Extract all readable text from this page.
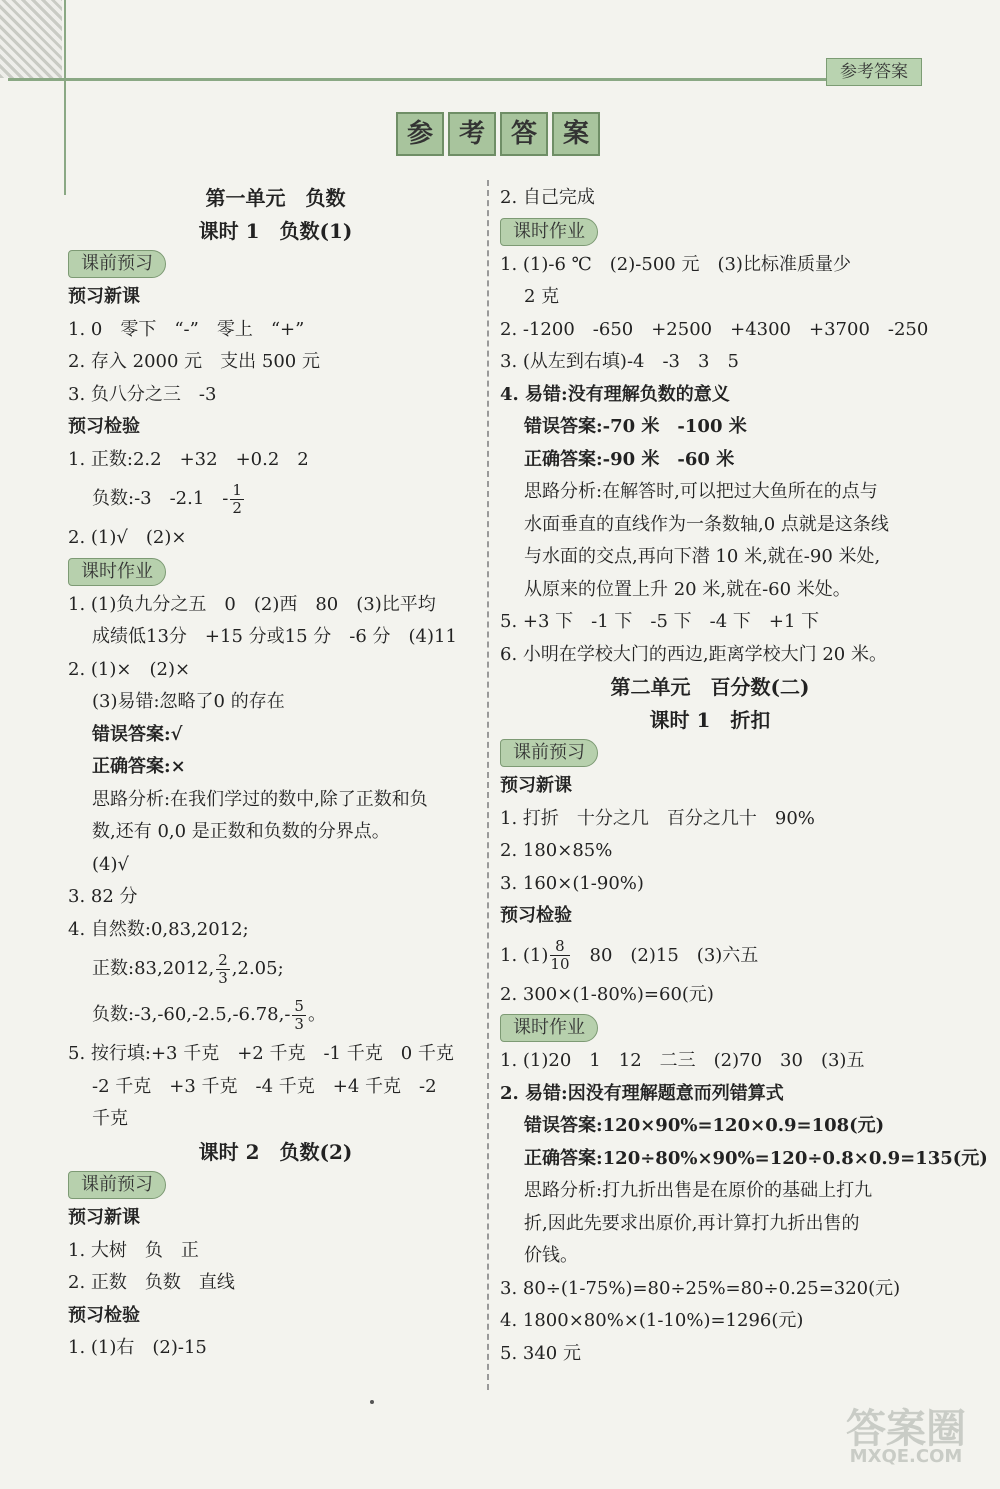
参考答案
参 考 答 案
第一单元　负数
课时 1　负数(1)
课前预习
预习新课
1. 0　零下　“-”　零上　“+”
2. 存入 2000 元　支出 500 元
3. 负八分之三　-3
预习检验
1. 正数:2.2　+32　+0.2　2
负数:-3　-2.1　- $\frac{1}{2}$
2. (1)√　(2)×
课时作业
1. (1)负九分之五　0　(2)西　80　(3)比平均
成绩低13分　+15 分或15 分　-6 分　(4)11
2. (1)×　(2)×
(3)易错:忽略了0 的存在
错误答案:√
正确答案:×
思路分析:在我们学过的数中,除了正数和负
数,还有 0,0 是正数和负数的分界点。
(4)√
3. 82 分
4. 自然数:0,83,2012;
正数:83,2012, $\frac{2}{3} ,2.05$;
负数:-3,-60,-2.5,-6.78,- $\frac{5}{3}$ 。
5. 按行填:+3 千克　+2 千克　-1 千克　0 千克
-2 千克　+3 千克　-4 千克　+4 千克　-2
千克
课时 2　负数(2)
课前预习
预习新课
1. 大树　负　正
2. 正数　负数　直线
预习检验
1. (1)右　(2)-15
2. 自己完成
课时作业
1. (1)-6 ℃　(2)-500 元　(3)比标准质量少
2 克
2. -1200　-650　+2500　+4300　+3700　-250
3. (从左到右填)-4　-3　3　5
4. 易错:没有理解负数的意义
错误答案:-70 米　-100 米
正确答案:-90 米　-60 米
思路分析:在解答时,可以把过大鱼所在的点与
水面垂直的直线作为一条数轴,0 点就是这条线
与水面的交点,再向下潜 10 米,就在-90 米处,
从原来的位置上升 20 米,就在-60 米处。
5. +3 下　-1 下　-5 下　-4 下　+1 下
6. 小明在学校大门的西边,距离学校大门 20 米。
第二单元　百分数(二)
课时 1　折扣
课前预习
预习新课
1. 打折　十分之几　百分之几十　90%
2. 180×85%
3. 160×(1-90%)
预习检验
1. $(1) \frac{8}{10}$ 　80　(2)15　(3)六五
2. 300×(1-80%)=60(元)
课时作业
1. (1)20　1　12　二三　(2)70　30　(3)五
2. 易错:因没有理解题意而列错算式
错误答案:120×90%=120×0.9=108(元)
正确答案:120÷80%×90%=120÷0.8×0.9=135(元)
思路分析:打九折出售是在原价的基础上打九
折,因此先要求出原价,再计算打九折出售的
价钱。
3. 80÷(1-75%)=80÷25%=80÷0.25=320(元)
4. 1800×80%×(1-10%)=1296(元)
5. 340 元
答案圈
MXQE.COM
